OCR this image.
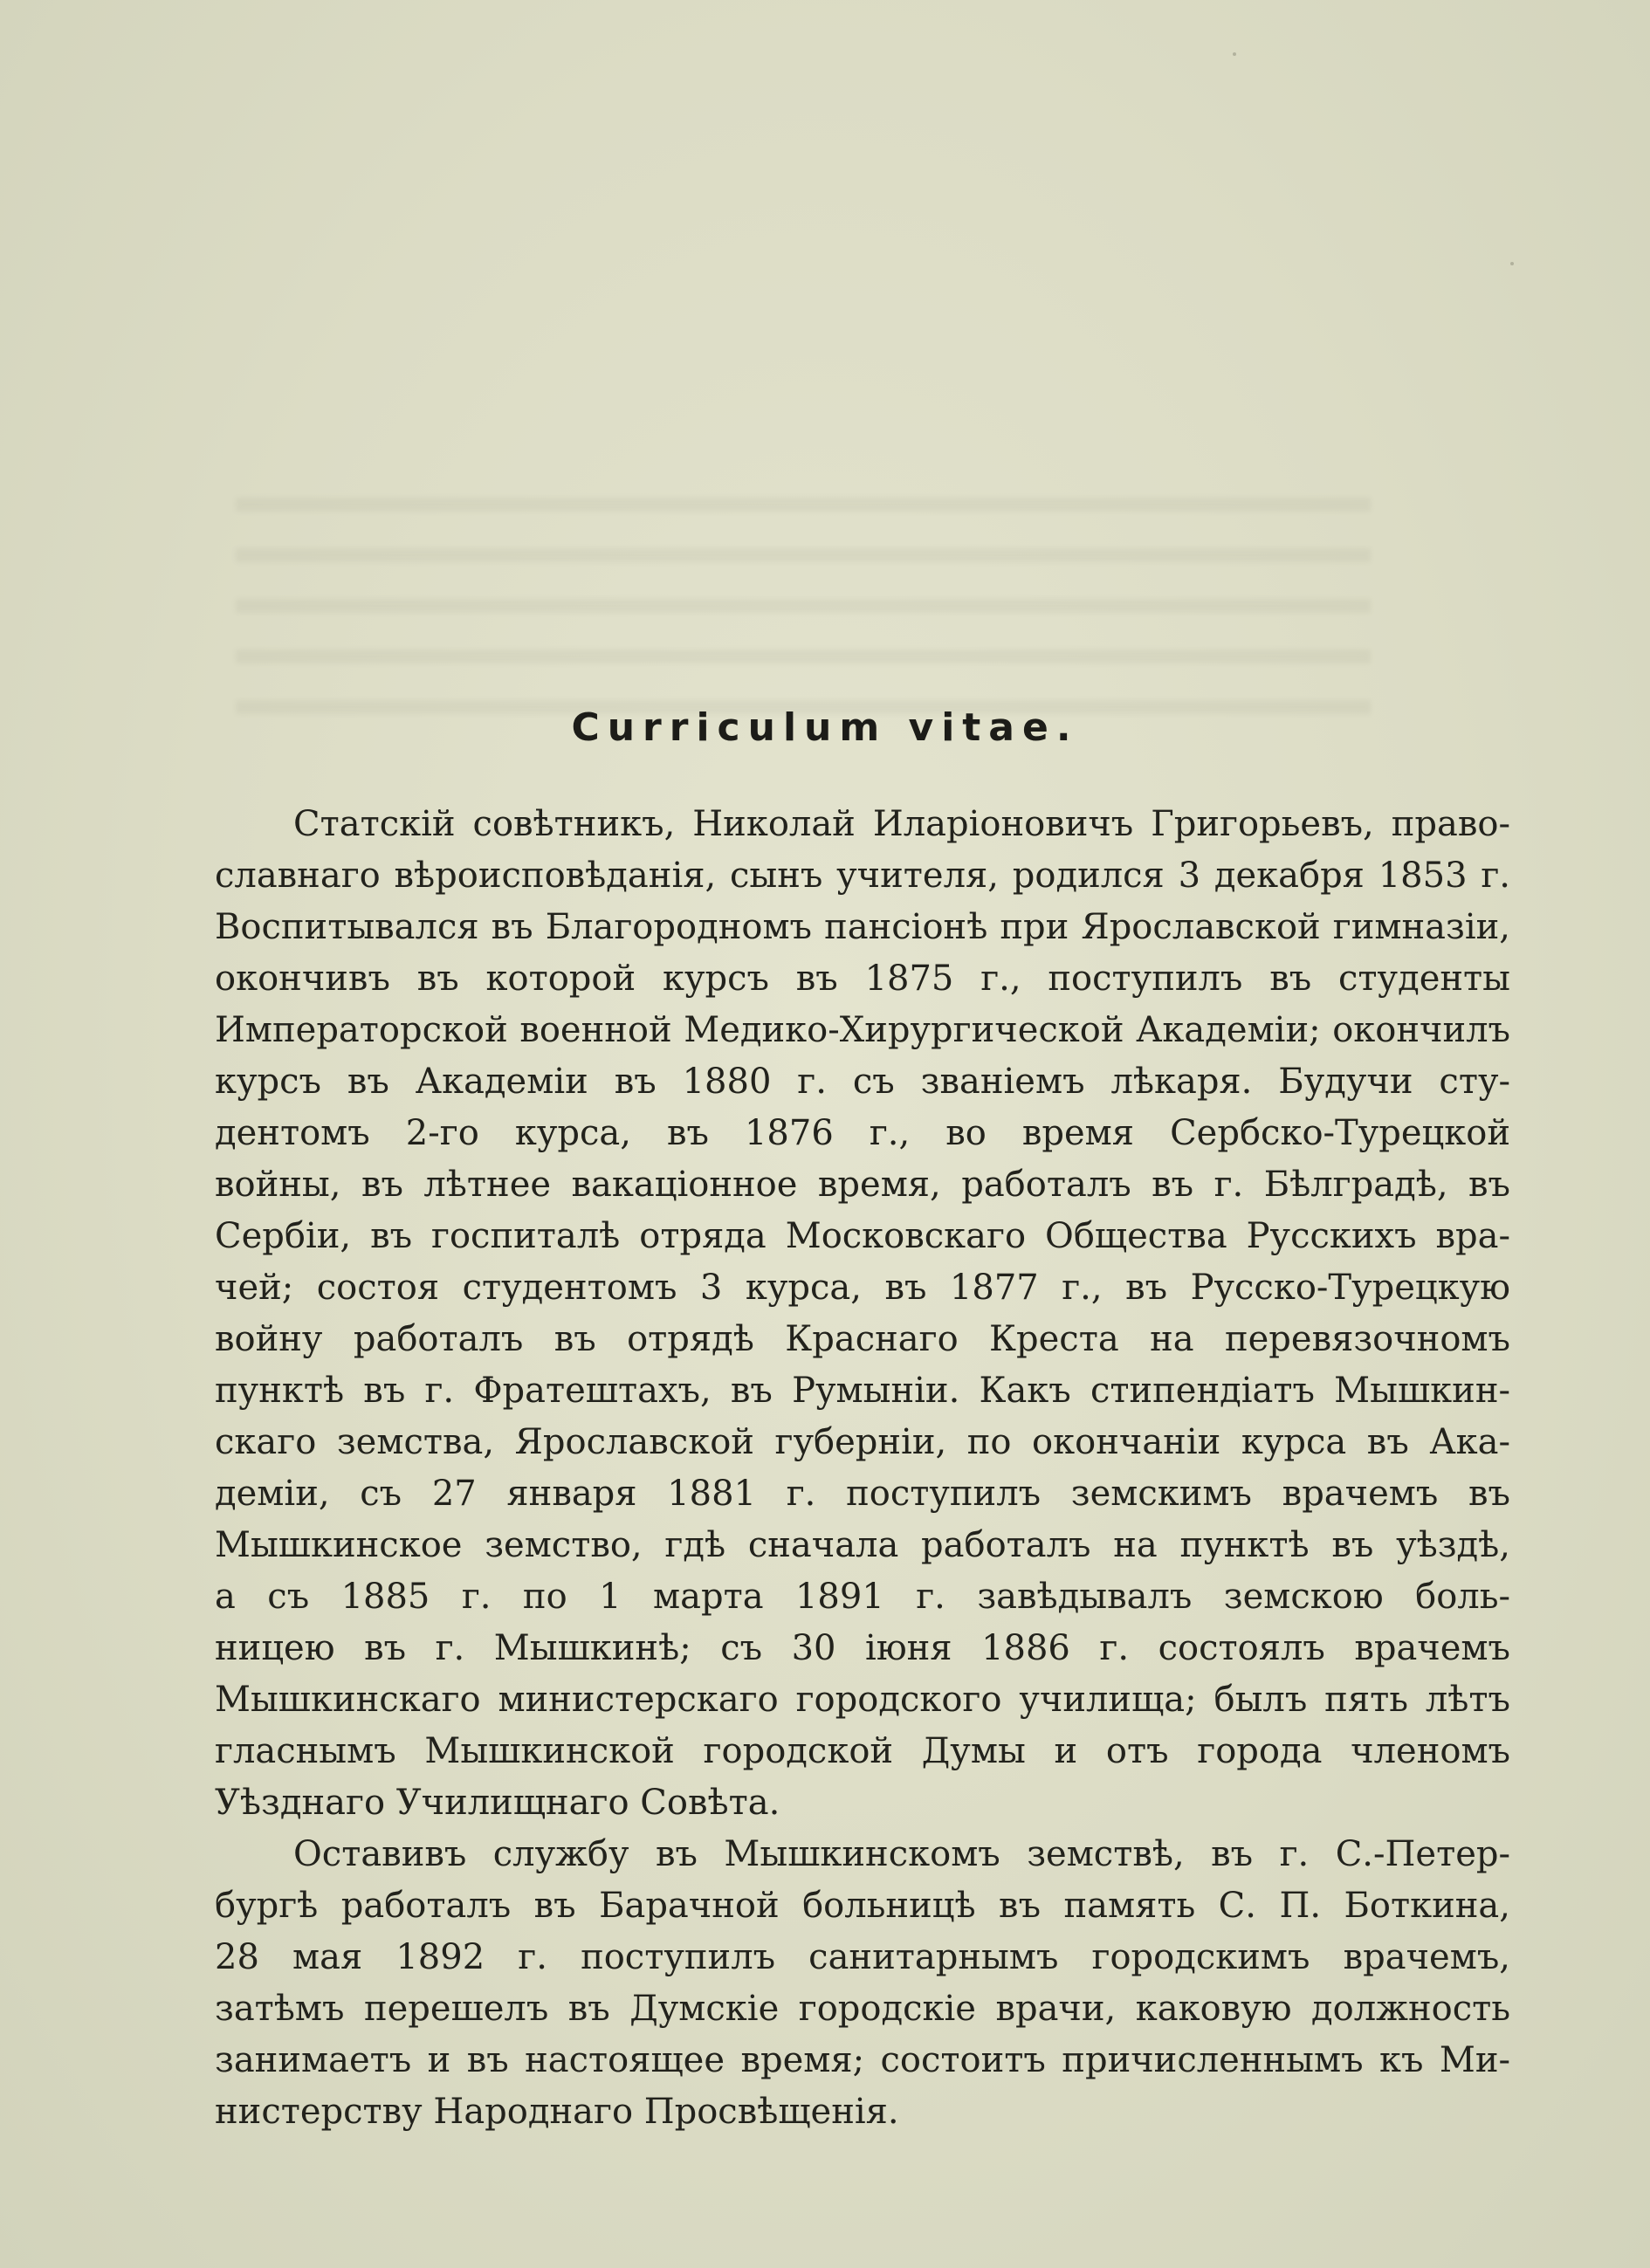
Curriculum vitae.

Статскій совѣтникъ, Николай Иларіоновичъ Григорьевъ, право-
славнаго вѣроисповѣданія, сынъ учителя, родился 3 декабря 1853 г.
Воспитывался въ Благородномъ пансіонѣ при Ярославской гимназіи,
окончивъ въ которой курсъ въ 1875 г., поступилъ въ студенты
Императорской военной Медико-Хирургической Академіи; окончилъ
курсъ въ Академіи въ 1880 г. съ званіемъ лѣкаря. Будучи сту-
дентомъ 2-го курса, въ 1876 г., во время Сербско-Турецкой
войны, въ лѣтнее вакаціонное время, работалъ въ г. Бѣлградѣ, въ
Сербіи, въ госпиталѣ отряда Московскаго Общества Русскихъ вра-
чей; состоя студентомъ 3 курса, въ 1877 г., въ Русско-Турецкую
войну работалъ въ отрядѣ Краснаго Креста на перевязочномъ
пунктѣ въ г. Фратештахъ, въ Румыніи. Какъ стипендіатъ Мышкин-
скаго земства, Ярославской губерніи, по окончаніи курса въ Ака-
деміи, съ 27 января 1881 г. поступилъ земскимъ врачемъ въ
Мышкинское земство, гдѣ сначала работалъ на пунктѣ въ уѣздѣ,
а съ 1885 г. по 1 марта 1891 г. завѣдывалъ земскою боль-
ницею въ г. Мышкинѣ; съ 30 іюня 1886 г. состоялъ врачемъ
Мышкинскаго министерскаго городского училища; былъ пять лѣтъ
гласнымъ Мышкинской городской Думы и отъ города членомъ
Уѣзднаго Училищнаго Совѣта.

Оставивъ службу въ Мышкинскомъ земствѣ, въ г. С.-Петер-
бургѣ работалъ въ Барачной больницѣ въ память С. П. Боткина,
28 мая 1892 г. поступилъ санитарнымъ городскимъ врачемъ,
затѣмъ перешелъ въ Думскіе городскіе врачи, каковую должность
занимаетъ и въ настоящее время; состоитъ причисленнымъ къ Ми-
нистерству Народнаго Просвѣщенія.
